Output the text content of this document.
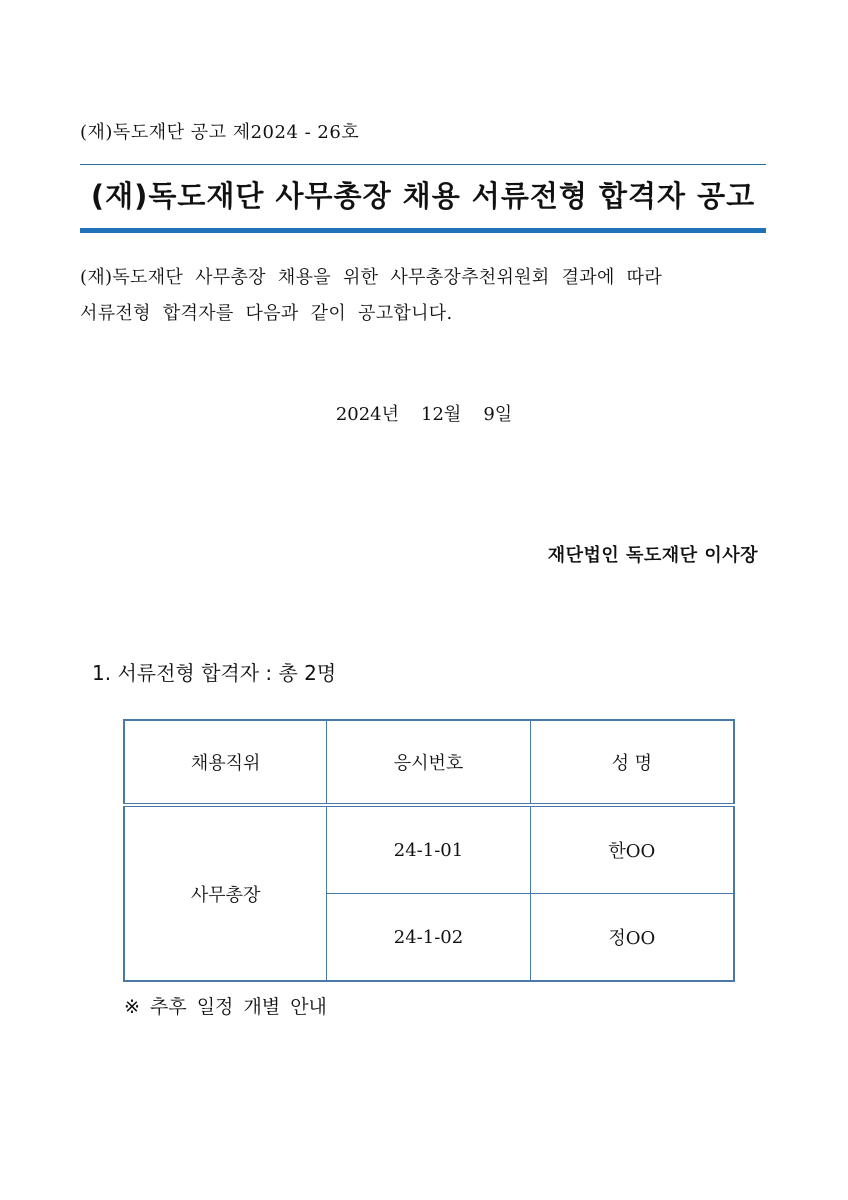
(재)독도재단 공고 제2024 - 26호
(재)독도재단 사무총장 채용 서류전형 합격자 공고
(재)독도재단 사무총장 채용을 위한 사무총장추천위원회 결과에 따라
서류전형 합격자를 다음과 같이 공고합니다.
2024년 12월 9일
재단법인 독도재단 이사장
1. 서류전형 합격자 : 총 2명
채용직위	응시번호	성 명
사무총장	24-1-01	한OO
	24-1-02	정OO
※ 추후 일정 개별 안내
